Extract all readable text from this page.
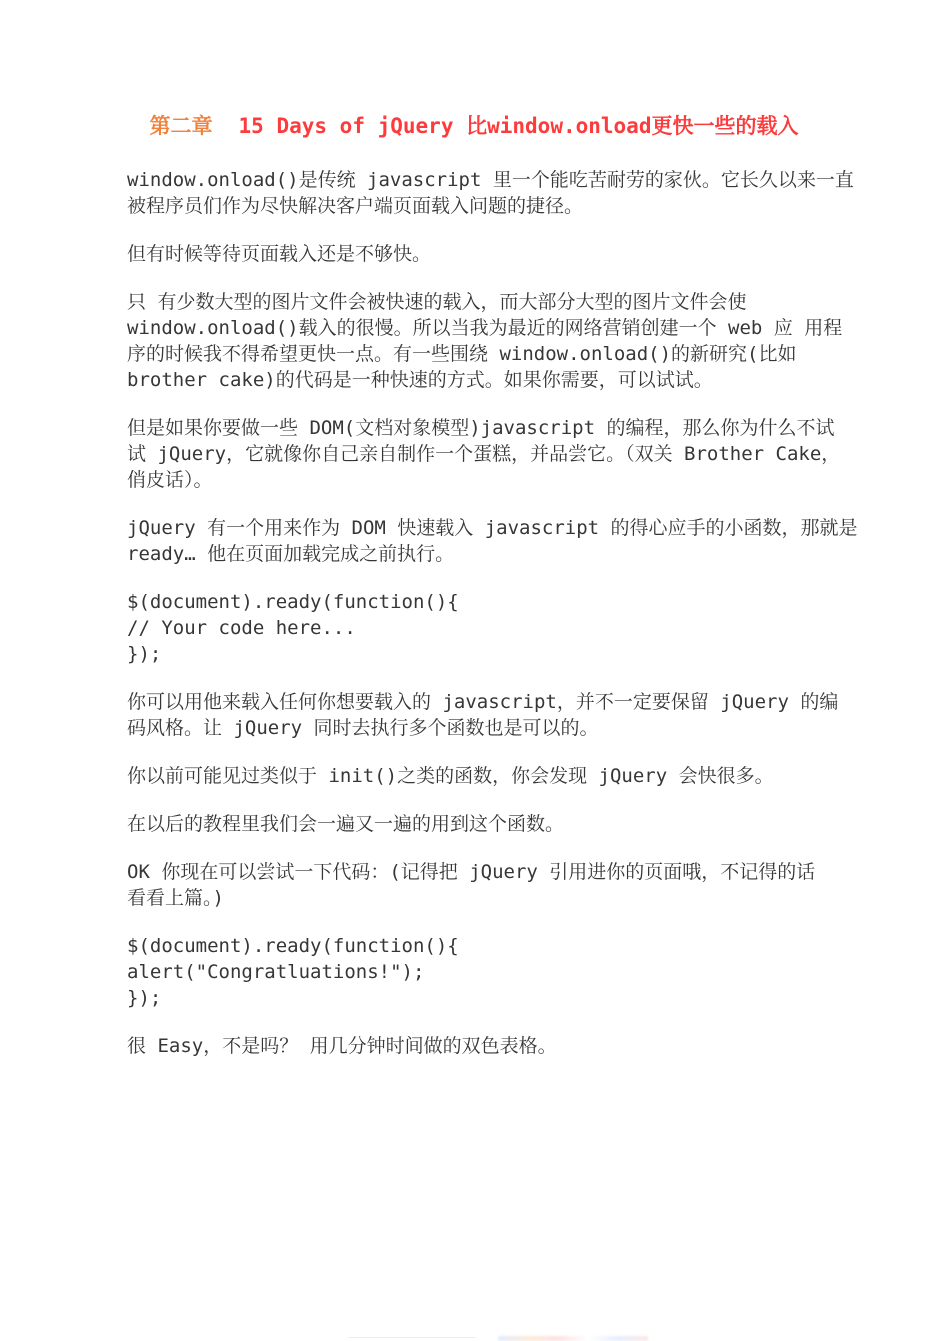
第二章 15 Days of jQuery 比window.onload更快一些的载入
window.onload()是传统 javascript 里一个能吃苦耐劳的家伙。它长久以来一直
被程序员们作为尽快解决客户端页面载入问题的捷径。
但有时候等待页面载入还是不够快。
只 有少数大型的图片文件会被快速的载入，而大部分大型的图片文件会使
window.onload()载入的很慢。所以当我为最近的网络营销创建一个 web 应 用程
序的时候我不得希望更快一点。有一些围绕 window.onload()的新研究(比如
brother cake)的代码是一种快速的方式。如果你需要，可以试试。
但是如果你要做一些 DOM(文档对象模型)javascript 的编程，那么你为什么不试
试 jQuery，它就像你自己亲自制作一个蛋糕，并品尝它。（双关 Brother Cake，
俏皮话）。
jQuery 有一个用来作为 DOM 快速载入 javascript 的得心应手的小函数，那就是
ready… 他在页面加载完成之前执行。
$(document).ready(function(){
// Your code here...
});
你可以用他来载入任何你想要载入的 javascript，并不一定要保留 jQuery 的编
码风格。让 jQuery 同时去执行多个函数也是可以的。
你以前可能见过类似于 init()之类的函数，你会发现 jQuery 会快很多。
在以后的教程里我们会一遍又一遍的用到这个函数。
OK 你现在可以尝试一下代码：(记得把 jQuery 引用进你的页面哦，不记得的话
看看上篇。)
$(document).ready(function(){
alert("Congratluations!");
});
很 Easy，不是吗？ 用几分钟时间做的双色表格。
